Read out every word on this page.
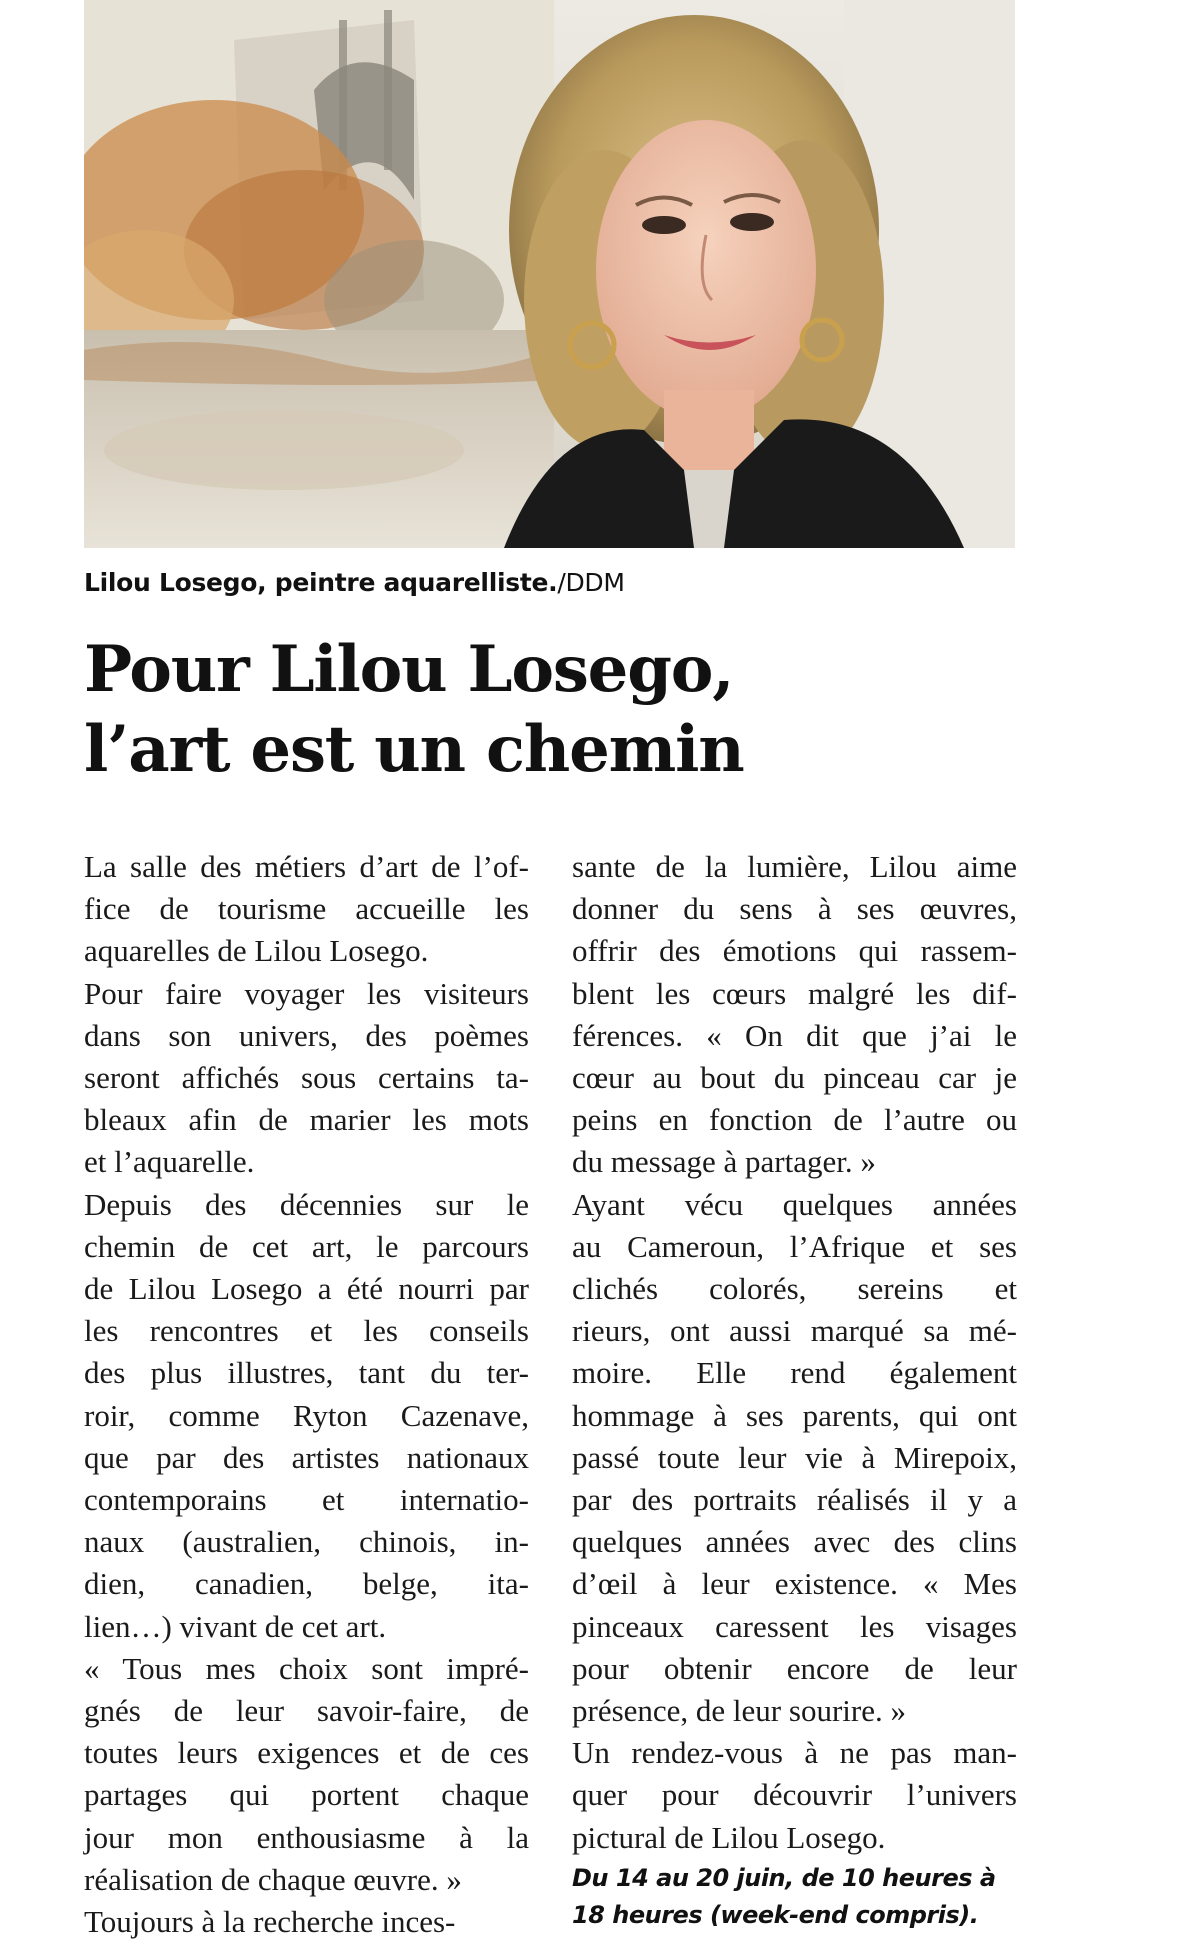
Lilou Losego, peintre aquarelliste./DDM
Pour Lilou Losego,
l’art est un chemin
La salle des métiers d’art de l’of-
fice de tourisme accueille les
aquarelles de Lilou Losego.
Pour faire voyager les visiteurs
dans son univers, des poèmes
seront affichés sous certains ta-
bleaux afin de marier les mots
et l’aquarelle.
Depuis des décennies sur le
chemin de cet art, le parcours
de Lilou Losego a été nourri par
les rencontres et les conseils
des plus illustres, tant du ter-
roir, comme Ryton Cazenave,
que par des artistes nationaux
contemporains et internatio-
naux (australien, chinois, in-
dien, canadien, belge, ita-
lien…) vivant de cet art.
« Tous mes choix sont impré-
gnés de leur savoir-faire, de
toutes leurs exigences et de ces
partages qui portent chaque
jour mon enthousiasme à la
réalisation de chaque œuvre. »
Toujours à la recherche inces-
sante de la lumière, Lilou aime
donner du sens à ses œuvres,
offrir des émotions qui rassem-
blent les cœurs malgré les dif-
férences. « On dit que j’ai le
cœur au bout du pinceau car je
peins en fonction de l’autre ou
du message à partager. »
Ayant vécu quelques années
au Cameroun, l’Afrique et ses
clichés colorés, sereins et
rieurs, ont aussi marqué sa mé-
moire. Elle rend également
hommage à ses parents, qui ont
passé toute leur vie à Mirepoix,
par des portraits réalisés il y a
quelques années avec des clins
d’œil à leur existence. « Mes
pinceaux caressent les visages
pour obtenir encore de leur
présence, de leur sourire. »
Un rendez-vous à ne pas man-
quer pour découvrir l’univers
pictural de Lilou Losego.
Du 14 au 20 juin, de 10 heures à
18 heures (week-end compris).
